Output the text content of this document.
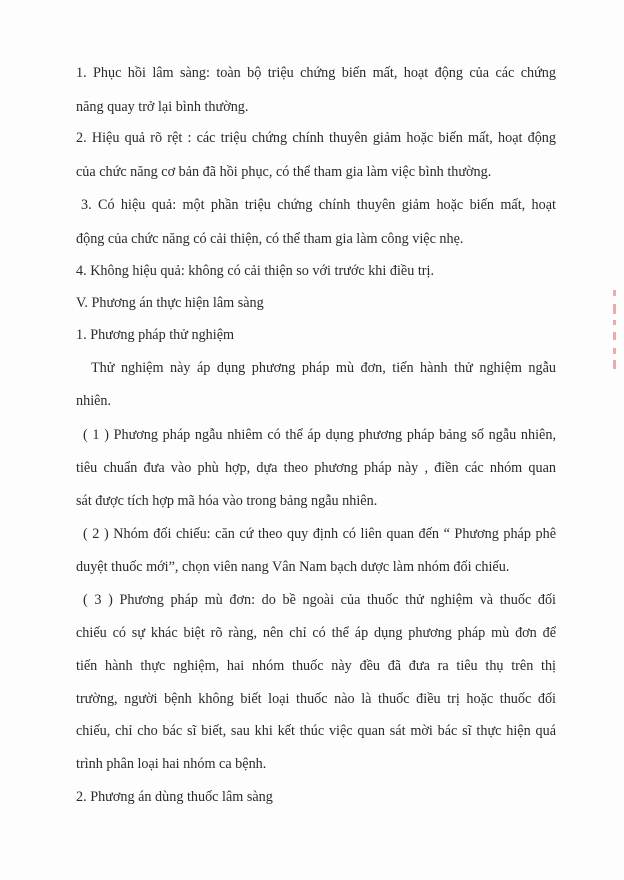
1. Phục hồi lâm sàng: toàn bộ triệu chứng biến mất, hoạt động của các chứng
năng quay trở lại bình thường.
2. Hiệu quả rõ rệt : các triệu chứng chính thuyên giảm hoặc biến mất, hoạt động
của chức năng cơ bản đã hồi phục, có thể tham gia làm việc bình thường.
3. Có hiệu quả: một phần triệu chứng chính thuyên giảm hoặc biến mất, hoạt
động của chức năng có cải thiện, có thể tham gia làm công việc nhẹ.
4. Không hiệu quả: không có cải thiện so với trước khi điều trị.
V. Phương án thực hiện lâm sàng
1. Phương pháp thử nghiệm
Thử nghiệm này áp dụng phương pháp mù đơn, tiến hành thử nghiệm ngẫu
nhiên.
( 1 ) Phương pháp ngẫu nhiêm có thể áp dụng phương pháp bảng số ngẫu nhiên,
tiêu chuẩn đưa vào phù hợp, dựa theo phương pháp này , điền các nhóm quan
sát được tích hợp mã hóa vào trong bảng ngẫu nhiên.
( 2 ) Nhóm đối chiếu: căn cứ theo quy định có liên quan đến “ Phương pháp phê
duyệt thuốc mới”, chọn viên nang Vân Nam bạch dược làm nhóm đối chiếu.
( 3 ) Phương pháp mù đơn: do bề ngoài của thuốc thử nghiệm và thuốc đối
chiếu có sự khác biệt rõ ràng, nên chỉ có thể áp dụng phương pháp mù đơn để
tiến hành thực nghiệm, hai nhóm thuốc này đều đã đưa ra tiêu thụ trên thị
trường, người bệnh không biết loại thuốc nào là thuốc điều trị hoặc thuốc đối
chiếu, chỉ cho bác sĩ biết, sau khi kết thúc việc quan sát mời bác sĩ thực hiện quá
trình phân loại hai nhóm ca bệnh.
2. Phương án dùng thuốc lâm sàng
